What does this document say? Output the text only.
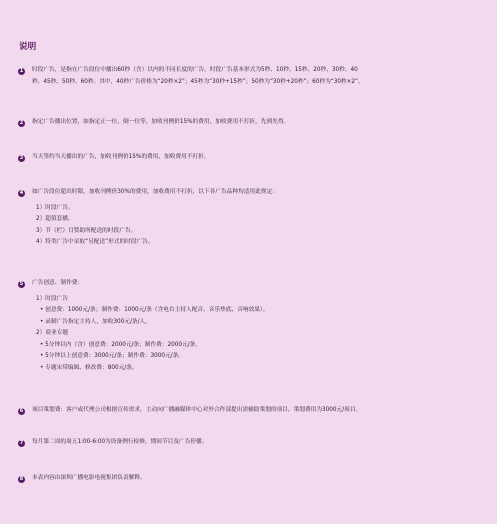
说明
1	时段广告，是指在广告段位中播出60秒（含）以内的不同长度的广告。时段广告基本形式为5秒、10秒、15秒、20秒、30秒、40
秒、45秒、50秒、60秒。其中，40秒广告价格为“20秒×2”；45秒为“30秒+15秒”；50秒为“30秒+20秒”；60秒为“30秒×2”。
2	指定广告播出位置，如指定正一位、倒一位等，加收刊例价15%的费用，加收费用不打折，先到先得。
3	当天签约当天播出的广告，加收刊例价15%的费用，加收费用不打折。
4	如广告段位超出时限，加收刊例价30%的费用，加收费用不打折，以下各广告品种均适用此规定：
1）时段广告。
2）超值套播。
3）节（栏）目赞助所配送的时段广告。
4）特类广告中采取“另配送”形式的时段广告。
5	广告创意、制作费：
1）时段广告
• 创意费：1000元/条；制作费：1000元/条（含电台主持人配音、音乐垫底、音响效果）。
• 录制广告指定主持人，加收300元/条/人。
2）商业专题
• 5分钟以内（含）创意费：2000元/条；制作费：2000元/条。
• 5分钟以上创意费：3000元/条；制作费：3000元/条。
• 专题宋带编辑、修改费：800元/条。
6	项目策划费：客户或代理公司根据宣传需求，主动向广播融媒体中心对外合作部提出需辅助策划的项目，策划费用为3000元/项目。
7	每月第二周的周五1:00-6:00为设备例行检修，期间节目及广告停播。
8	本表内容由深圳广播电影电视集团负责解释。
